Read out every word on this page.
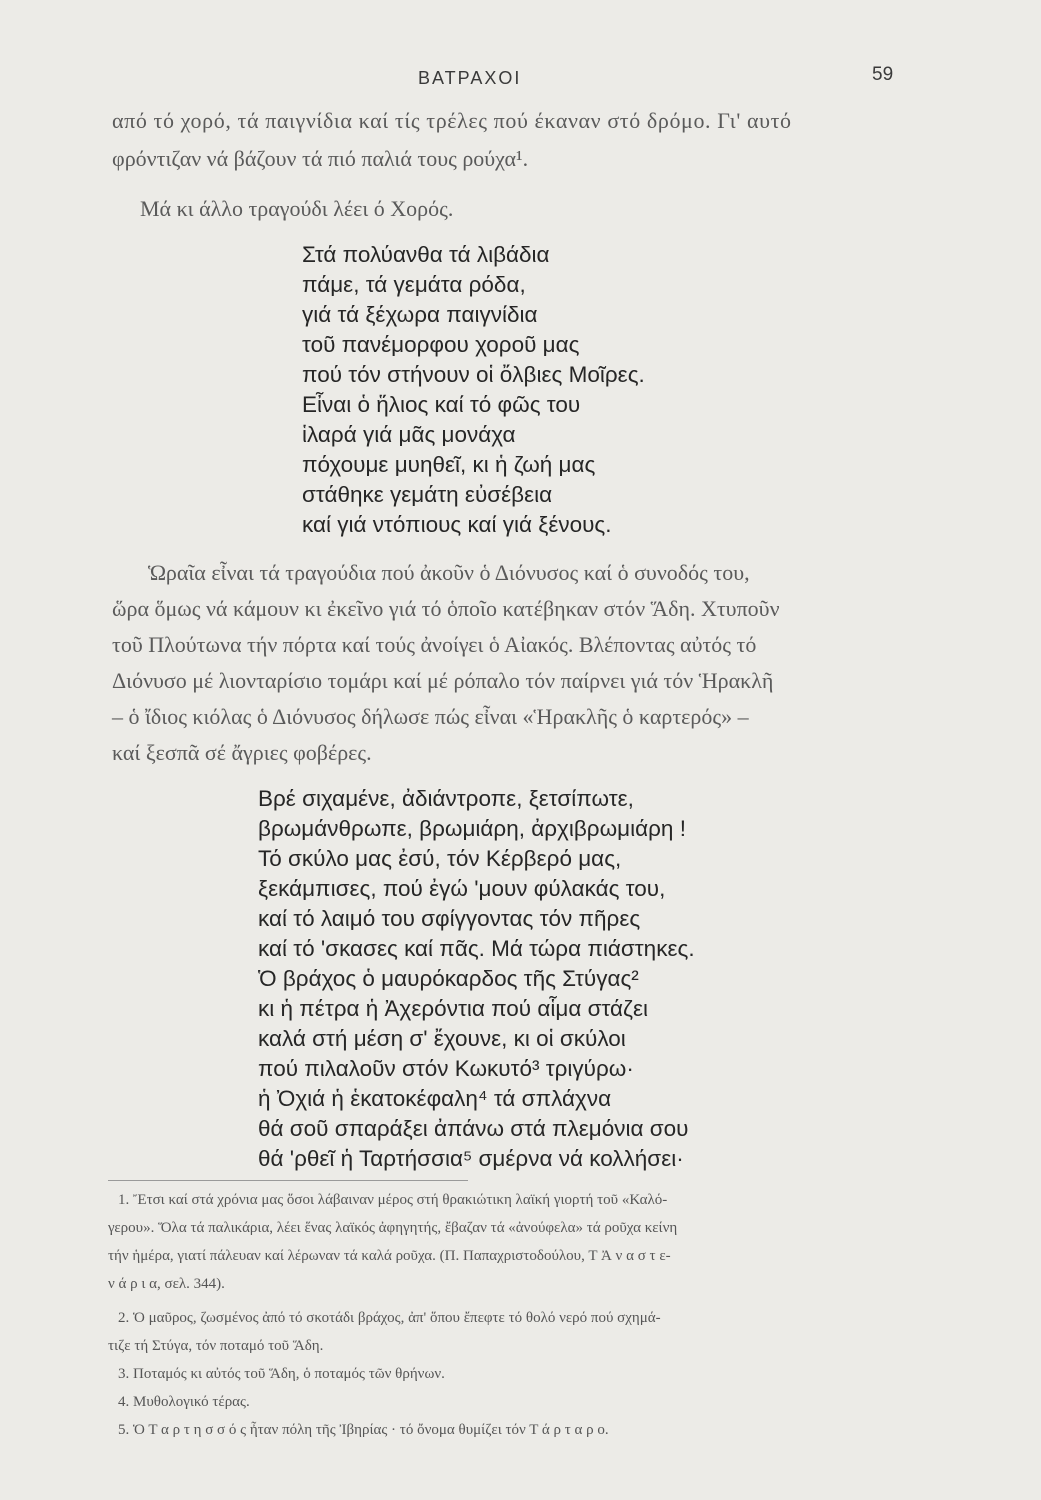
ΒΑΤΡΑΧΟΙ	59
από τό χορό, τά παιγνίδια καί τίς τρέλες πού έκαναν στό δρόμο. Γι' αυτό
φρόντιζαν νά βάζουν τά πιό παλιά τους ρούχα¹.
Μά κι άλλο τραγούδι λέει ό Χορός.
Στά πολύανθα τά λιβάδια
πάμε, τά γεμάτα ρόδα,
γιά τά ξέχωρα παιγνίδια
τοῦ πανέμορφου χοροῦ μας
πού τόν στήνουν οἱ ὄλβιες Μοῖρες.
Εἶναι ὁ ἥλιος καί τό φῶς του
ἱλαρά γιά μᾶς μονάχα
πόχουμε μυηθεῖ, κι ἡ ζωή μας
στάθηκε γεμάτη εὐσέβεια
καί γιά ντόπιους καί γιά ξένους.
Ὡραῖα εἶναι τά τραγούδια πού ἀκοῦν ὁ Διόνυσος καί ὁ συνοδός του,
ὥρα ὅμως νά κάμουν κι ἐκεῖνο γιά τό ὁποῖο κατέβηκαν στόν Ἅδη. Χτυποῦν
τοῦ Πλούτωνα τήν πόρτα καί τούς ἀνοίγει ὁ Αἰακός. Βλέποντας αὐτός τό
Διόνυσο μέ λιονταρίσιο τομάρι καί μέ ρόπαλο τόν παίρνει γιά τόν Ἡρακλῆ
– ὁ ἴδιος κιόλας ὁ Διόνυσος δήλωσε πώς εἶναι «Ἡρακλῆς ὁ καρτερός» –
καί ξεσπᾶ σέ ἄγριες φοβέρες.
Βρέ σιχαμένε, ἀδιάντροπε, ξετσίπωτε,
βρωμάνθρωπε, βρωμιάρη, ἀρχιβρωμιάρη !
Τό σκύλο μας ἐσύ, τόν Κέρβερό μας,
ξεκάμπισες, πού ἐγώ 'μουν φύλακάς του,
καί τό λαιμό του σφίγγοντας τόν πῆρες
καί τό 'σκασες καί πᾶς. Μά τώρα πιάστηκες.
Ὁ βράχος ὁ μαυρόκαρδος τῆς Στύγας²
κι ἡ πέτρα ἡ Ἀχερόντια πού αἷμα στάζει
καλά στή μέση σ' ἔχουνε, κι οἱ σκύλοι
πού πιλαλοῦν στόν Κωκυτό³ τριγύρω·
ἡ Ὀχιά ἡ ἑκατοκέφαλη⁴ τά σπλάχνα
θά σοῦ σπαράξει ἀπάνω στά πλεμόνια σου
θά 'ρθεῖ ἡ Ταρτήσσια⁵ σμέρνα νά κολλήσει·
1. Ἔτσι καί στά χρόνια μας ὅσοι λάβαιναν μέρος στή θρακιώτικη λαϊκή γιορτή τοῦ «Καλό-
γερου». Ὅλα τά παλικάρια, λέει ἕνας λαϊκός ἀφηγητής, ἔβαζαν τά «ἀνούφελα» τά ροῦχα κείνη
τήν ἡμέρα, γιατί πάλευαν καί λέρωναν τά καλά ροῦχα. (Π. Παπαχριστοδούλου, Τ Ἀ ν α σ τ ε-
ν ά ρ ι α, σελ. 344).
2. Ὁ μαῦρος, ζωσμένος ἀπό τό σκοτάδι βράχος, ἀπ' ὅπου ἔπεφτε τό θολό νερό πού σχημά-
τιζε τή Στύγα, τόν ποταμό τοῦ Ἅδη.
3. Ποταμός κι αὐτός τοῦ Ἅδη, ὁ ποταμός τῶν θρήνων.
4. Μυθολογικό τέρας.
5. Ὁ Τ α ρ τ η σ σ ό ς ἦταν πόλη τῆς Ἰβηρίας · τό ὄνομα θυμίζει τόν Τ ά ρ τ α ρ ο.
